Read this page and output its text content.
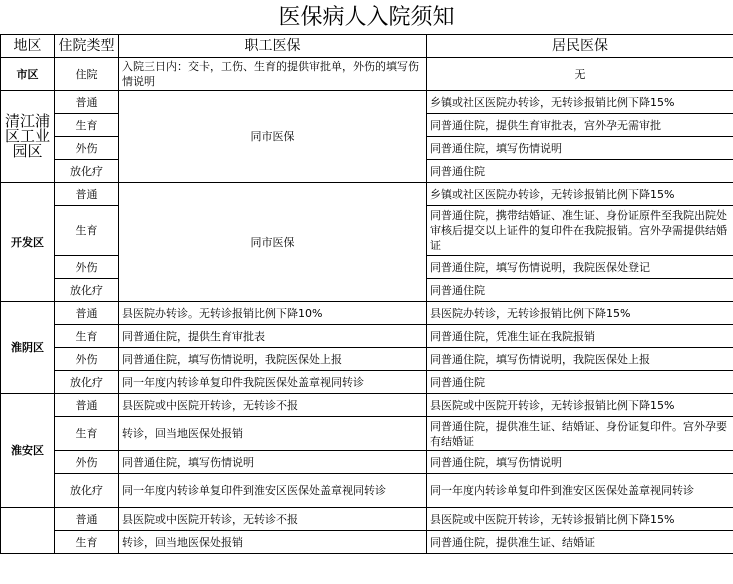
医保病人入院须知
地区	住院类型	职工医保	居民医保
市区	住院	入院三日内：交卡，工伤、生育的提供审批单，外伤的填写伤情说明	无
清江浦区工业园区	普通	同市医保	乡镇或社区医院办转诊，无转诊报销比例下降15%
	生育		同普通住院，提供生育审批表，宫外孕无需审批
	外伤		同普通住院，填写伤情说明
	放化疗		同普通住院
开发区	普通	同市医保	乡镇或社区医院办转诊，无转诊报销比例下降15%
	生育		同普通住院，携带结婚证、准生证、身份证原件至我院出院处审核后提交以上证件的复印件在我院报销。宫外孕需提供结婚证
	外伤		同普通住院，填写伤情说明，我院医保处登记
	放化疗		同普通住院
淮阴区	普通	县医院办转诊。无转诊报销比例下降10%	县医院办转诊，无转诊报销比例下降15%
	生育	同普通住院，提供生育审批表	同普通住院，凭准生证在我院报销
	外伤	同普通住院，填写伤情说明，我院医保处上报	同普通住院，填写伤情说明，我院医保处上报
	放化疗	同一年度内转诊单复印件我院医保处盖章视同转诊	同普通住院
淮安区	普通	县医院或中医院开转诊，无转诊不报	县医院或中医院开转诊，无转诊报销比例下降15%
	生育	转诊，回当地医保处报销	同普通住院，提供准生证、结婚证、身份证复印件。宫外孕要有结婚证
	外伤	同普通住院，填写伤情说明	同普通住院，填写伤情说明
	放化疗	同一年度内转诊单复印件到淮安区医保处盖章视同转诊	同一年度内转诊单复印件到淮安区医保处盖章视同转诊
	普通	县医院或中医院开转诊，无转诊不报	县医院或中医院开转诊，无转诊报销比例下降15%
	生育	转诊，回当地医保处报销	同普通住院，提供准生证、结婚证
